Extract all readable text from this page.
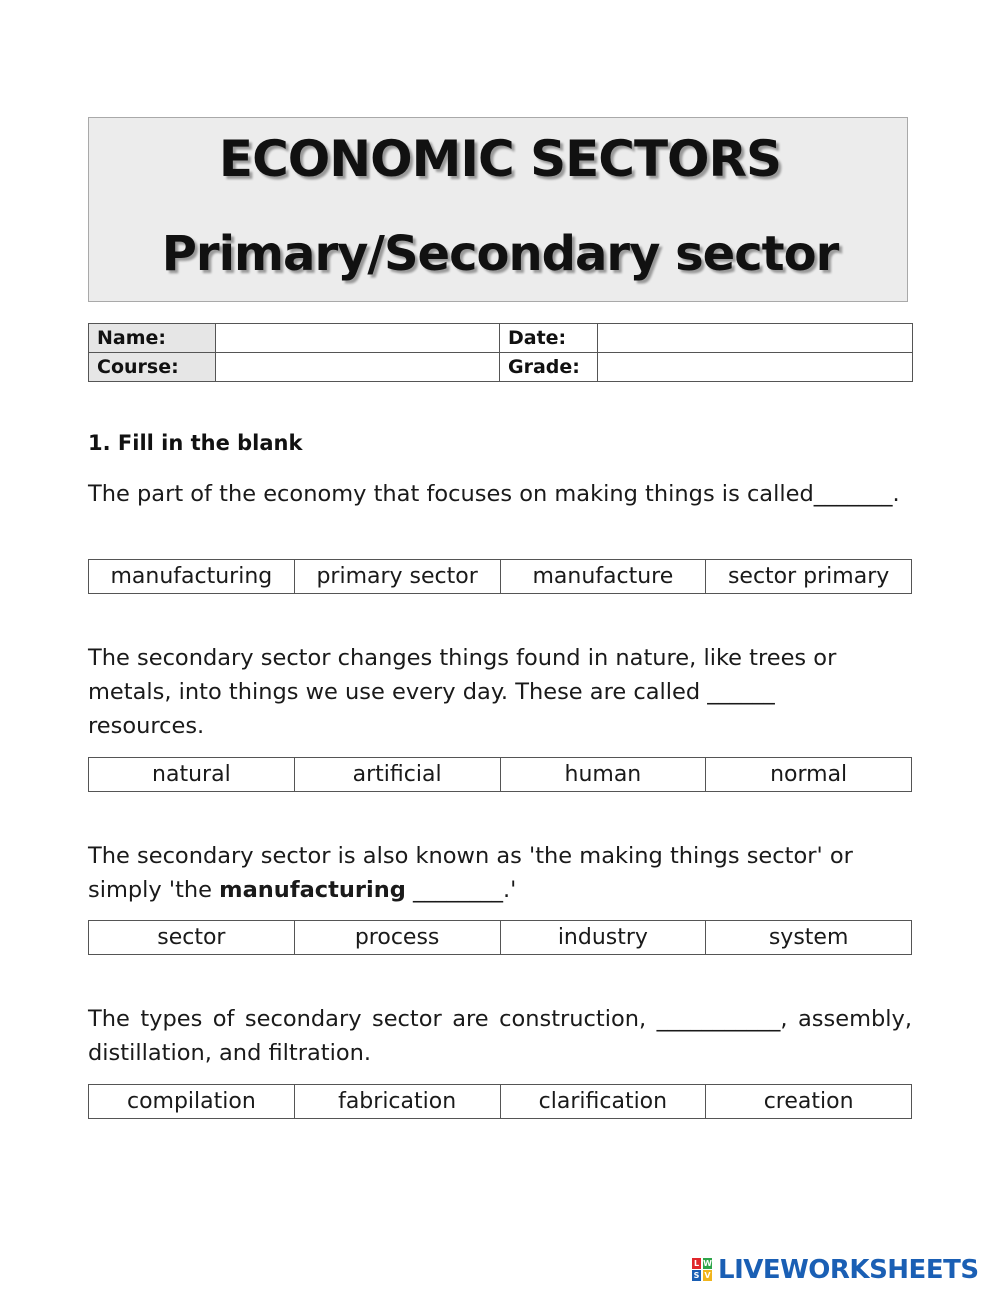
ECONOMIC SECTORS
Primary/Secondary sector
Name:		Date:	
Course:		Grade:	
1. Fill in the blank
The part of the economy that focuses on making things is called_______.
manufacturing	primary sector	manufacture	sector primary
The secondary sector changes things found in nature, like trees or metals, into things we use every day. These are called ______ resources.
natural	artificial	human	normal
The secondary sector is also known as 'the making things sector' or simply 'the manufacturing ________.'
sector	process	industry	system
The types of secondary sector are construction, ___________, assembly, distillation, and filtration.
compilation	fabrication	clarification	creation
L W
S V LIVEWORKSHEETS
